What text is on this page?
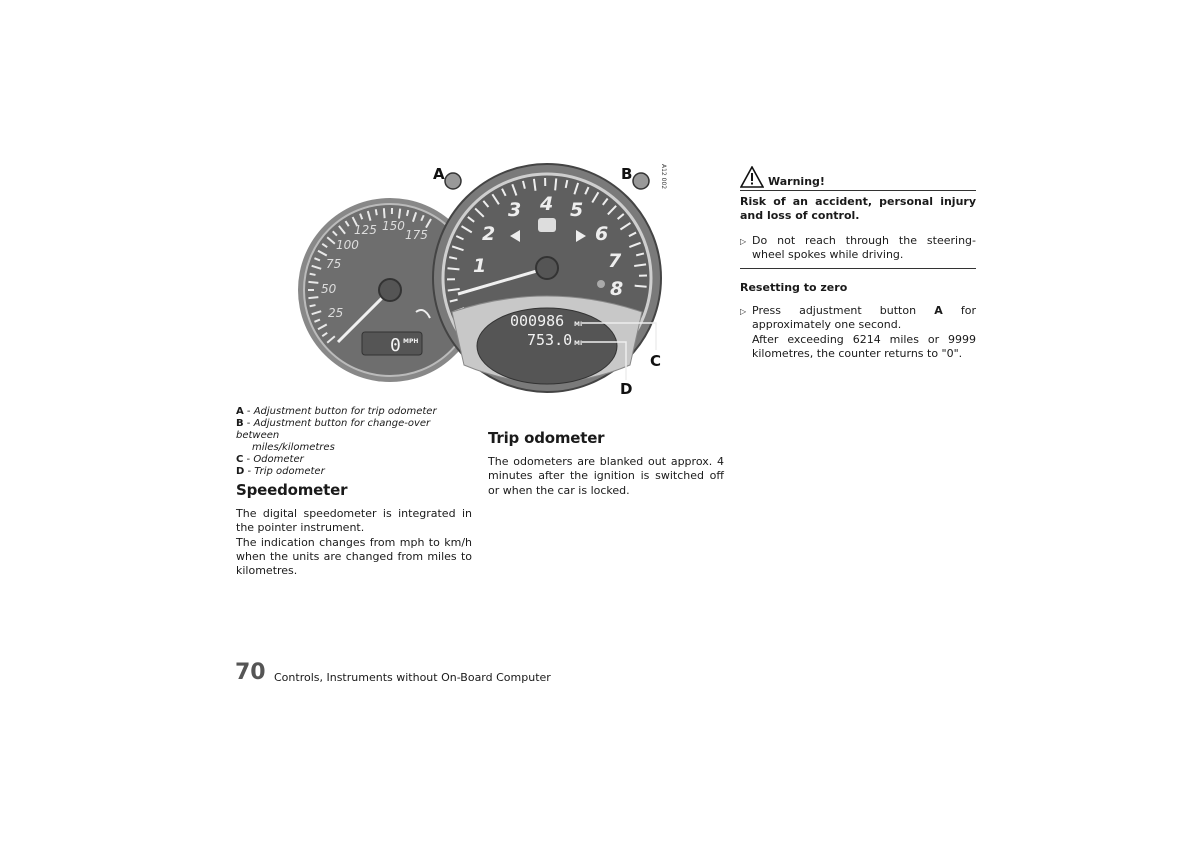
50
25
75
100
125 150
175
0 MPH
1
2
3 4 5
6
7
8
000986 MI
753.0 MI
A	B
C
D
A12 002
A - Adjustment button for trip odometer
B - Adjustment button for change-over between
miles/kilometres
C - Odometer
D - Trip odometer
Speedometer
The digital speedometer is integrated in the pointer instrument.
The indication changes from mph to km/h when the units are changed from miles to kilometres.
Trip odometer
The odometers are blanked out approx. 4 minutes after the ignition is switched off or when the car is locked.
Warning!
Risk of an accident, personal injury and loss of control.
▷ Do not reach through the steering-wheel spokes while driving.
Resetting to zero
▷ Press adjustment button A for approximately one second.
After exceeding 6214 miles or 9999 kilometres, the counter returns to "0".
70 Controls, Instruments without On-Board Computer
